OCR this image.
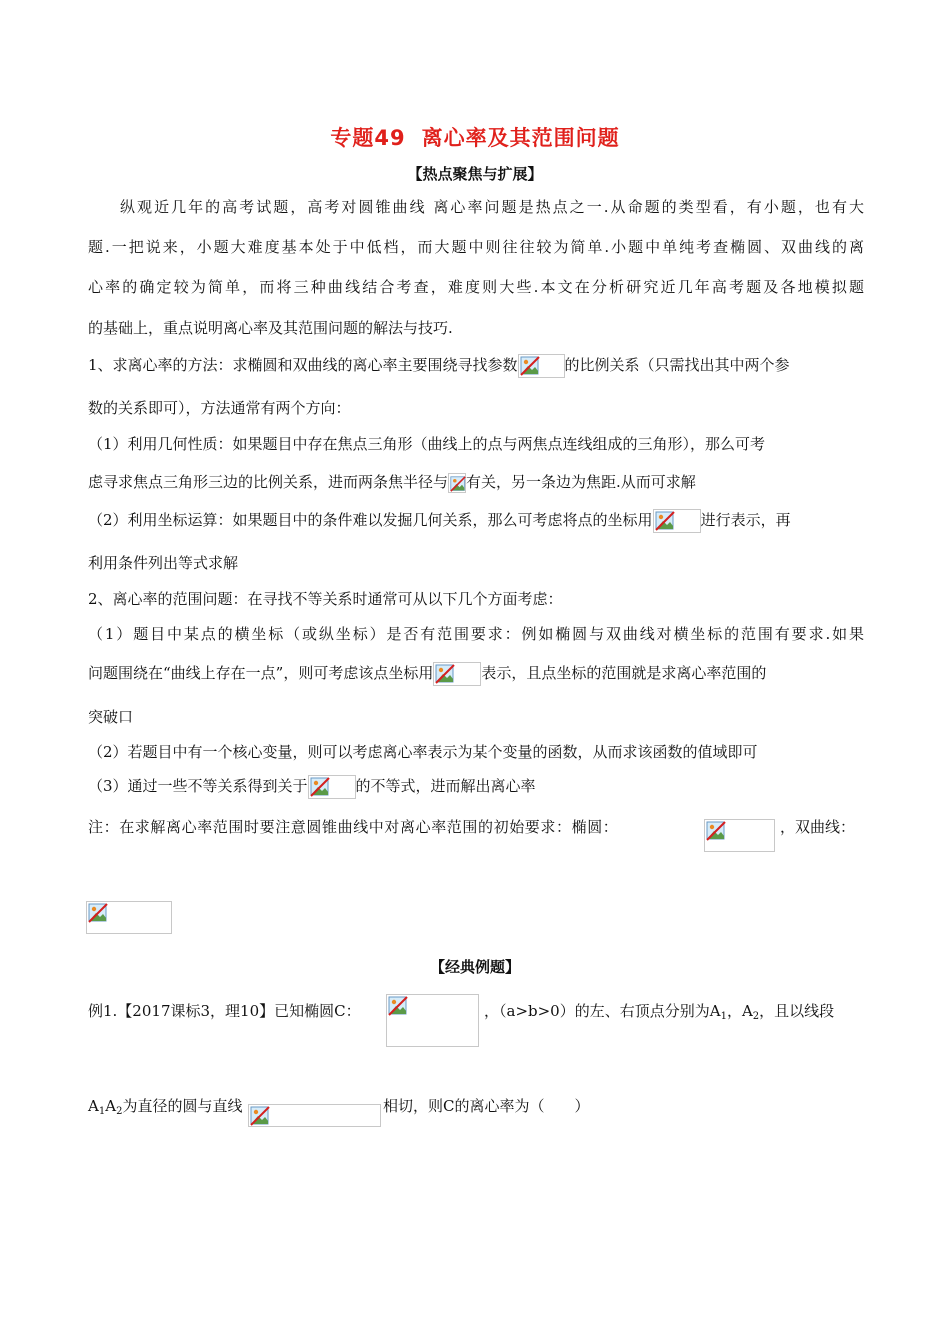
专题49 离心率及其范围问题
【热点聚焦与扩展】
纵观近几年的高考试题，高考对圆锥曲线 离心率问题是热点之一.从命题的类型看，有小题，也有大
题.一把说来，小题大难度基本处于中低档，而大题中则往往较为简单.小题中单纯考查椭圆、双曲线的离
心率的确定较为简单，而将三种曲线结合考查，难度则大些.本文在分析研究近几年高考题及各地模拟题
的基础上，重点说明离心率及其范围问题的解法与技巧.
1、求离心率的方法：求椭圆和双曲线的离心率主要围绕寻找参数	的比例关系（只需找出其中两个参
数的关系即可），方法通常有两个方向：
（1）利用几何性质：如果题目中存在焦点三角形（曲线上的点与两焦点连线组成的三角形），那么可考
虑寻求焦点三角形三边的比例关系，进而两条焦半径与 有关，另一条边为焦距.从而可求解
（2）利用坐标运算：如果题目中的条件难以发掘几何关系，那么可考虑将点的坐标用	进行表示，再
利用条件列出等式求解
2、离心率的范围问题：在寻找不等关系时通常可从以下几个方面考虑：
（1）题目中某点的横坐标（或纵坐标）是否有范围要求：例如椭圆与双曲线对横坐标的范围有要求.如果
问题围绕在“曲线上存在一点”，则可考虑该点坐标用	表示，且点坐标的范围就是求离心率范围的
突破口
（2）若题目中有一个核心变量，则可以考虑离心率表示为某个变量的函数，从而求该函数的值域即可
（3）通过一些不等关系得到关于	的不等式，进而解出离心率
注：在求解离心率范围时要注意圆锥曲线中对离心率范围的初始要求：椭圆：	，双曲线：
【经典例题】
例1.【2017课标3，理10】已知椭圆C：	，（a>b>0）的左、右顶点分别为$A_1$，$A_2$，且以线段
$A_1A_2$为直径的圆与直线	相切，则C的离心率为（　　）
